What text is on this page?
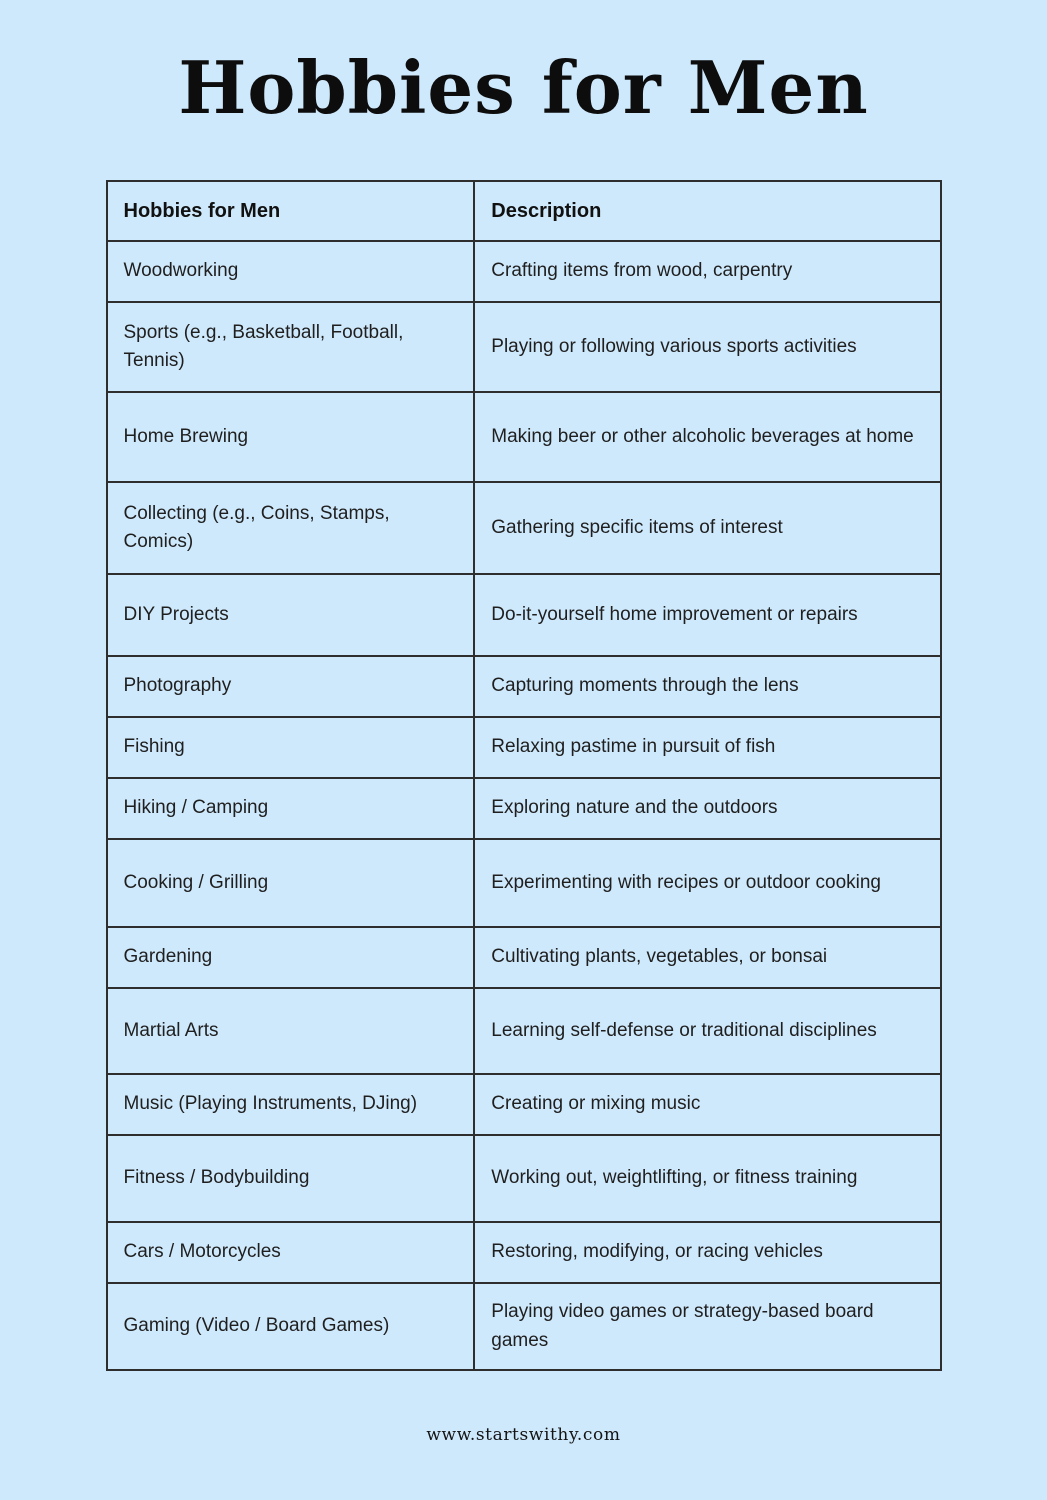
Hobbies for Men
Hobbies for Men	Description
Woodworking	Crafting items from wood, carpentry
Sports (e.g., Basketball, Football, Tennis)	Playing or following various sports activities
Home Brewing	Making beer or other alcoholic beverages at home
Collecting (e.g., Coins, Stamps, Comics)	Gathering specific items of interest
DIY Projects	Do-it-yourself home improvement or repairs
Photography	Capturing moments through the lens
Fishing	Relaxing pastime in pursuit of fish
Hiking / Camping	Exploring nature and the outdoors
Cooking / Grilling	Experimenting with recipes or outdoor cooking
Gardening	Cultivating plants, vegetables, or bonsai
Martial Arts	Learning self-defense or traditional disciplines
Music (Playing Instruments, DJing)	Creating or mixing music
Fitness / Bodybuilding	Working out, weightlifting, or fitness training
Cars / Motorcycles	Restoring, modifying, or racing vehicles
Gaming (Video / Board Games)	Playing video games or strategy-based board games
www.startswithy.com
